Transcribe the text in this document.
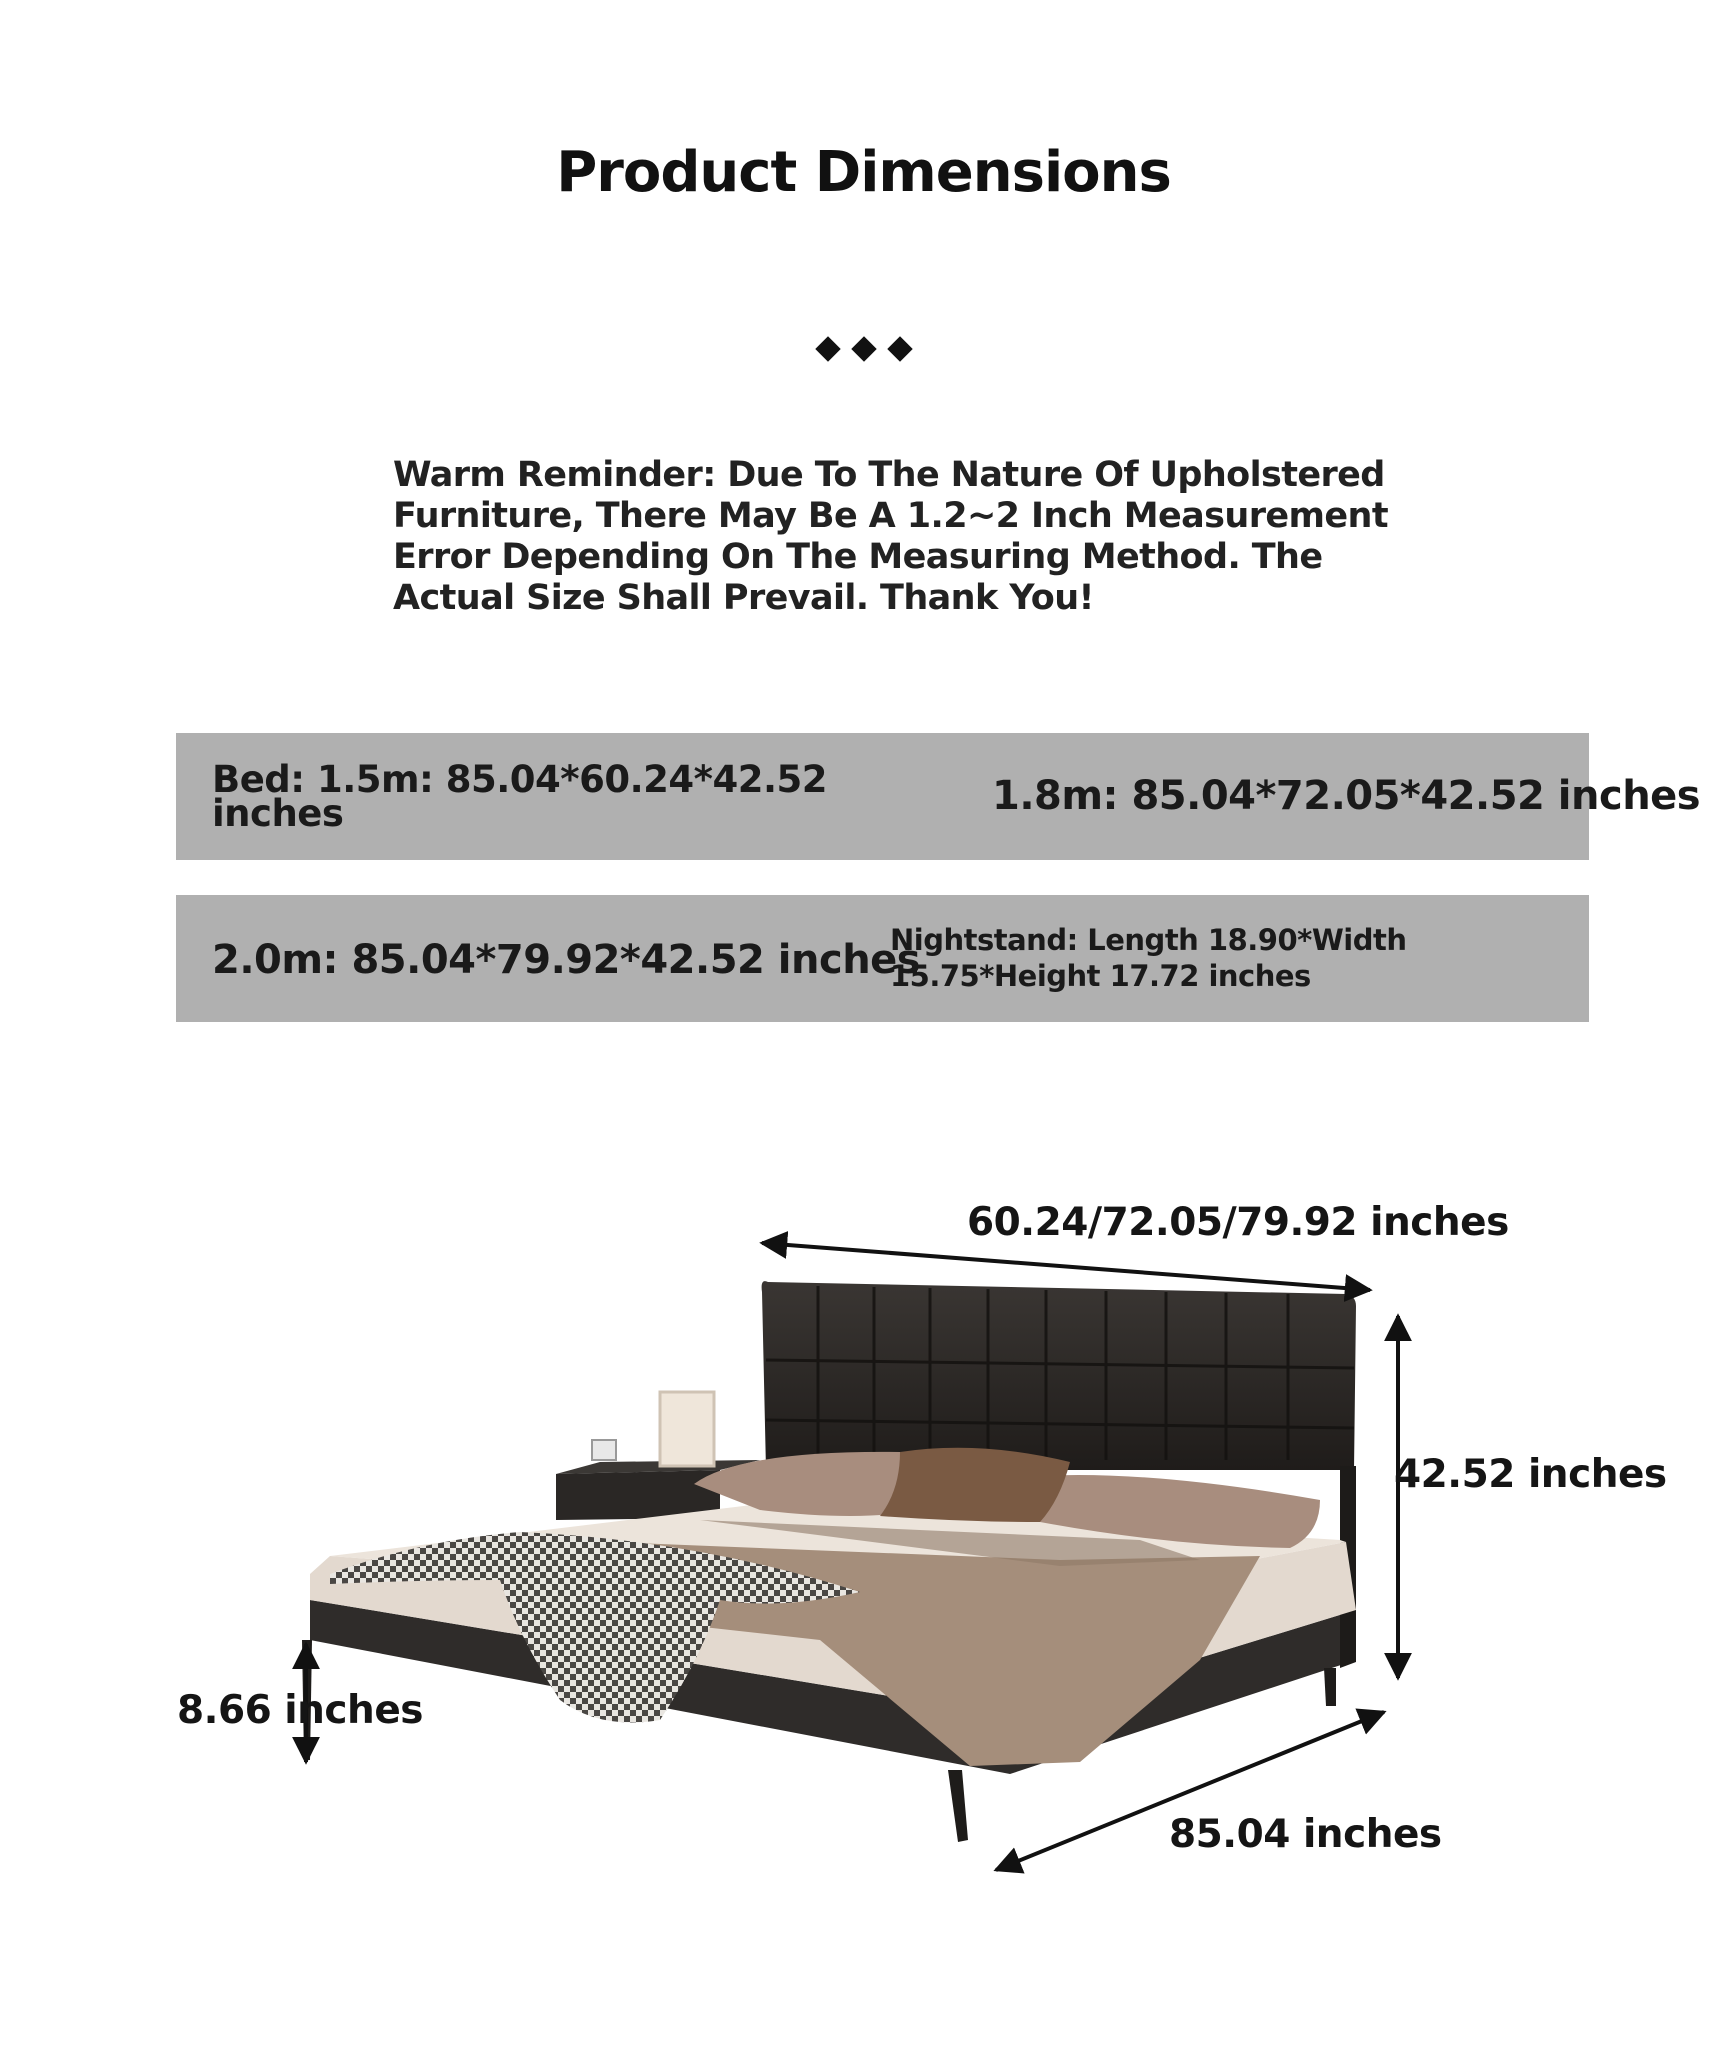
Product Dimensions

Warm Reminder: Due To The Nature Of Upholstered Furniture, There May Be A 1.2~2 Inch Measurement Error Depending On The Measuring Method. The Actual Size Shall Prevail. Thank You!

Bed: 1.5m: 85.04*60.24*42.52 inches	1.8m: 85.04*72.05*42.52 inches
2.0m: 85.04*79.92*42.52 inches
Nightstand: Length 18.90*Width 15.75*Height 17.72 inches
60.24/72.05/79.92 inches
42.52 inches
8.66 inches
85.04 inches
